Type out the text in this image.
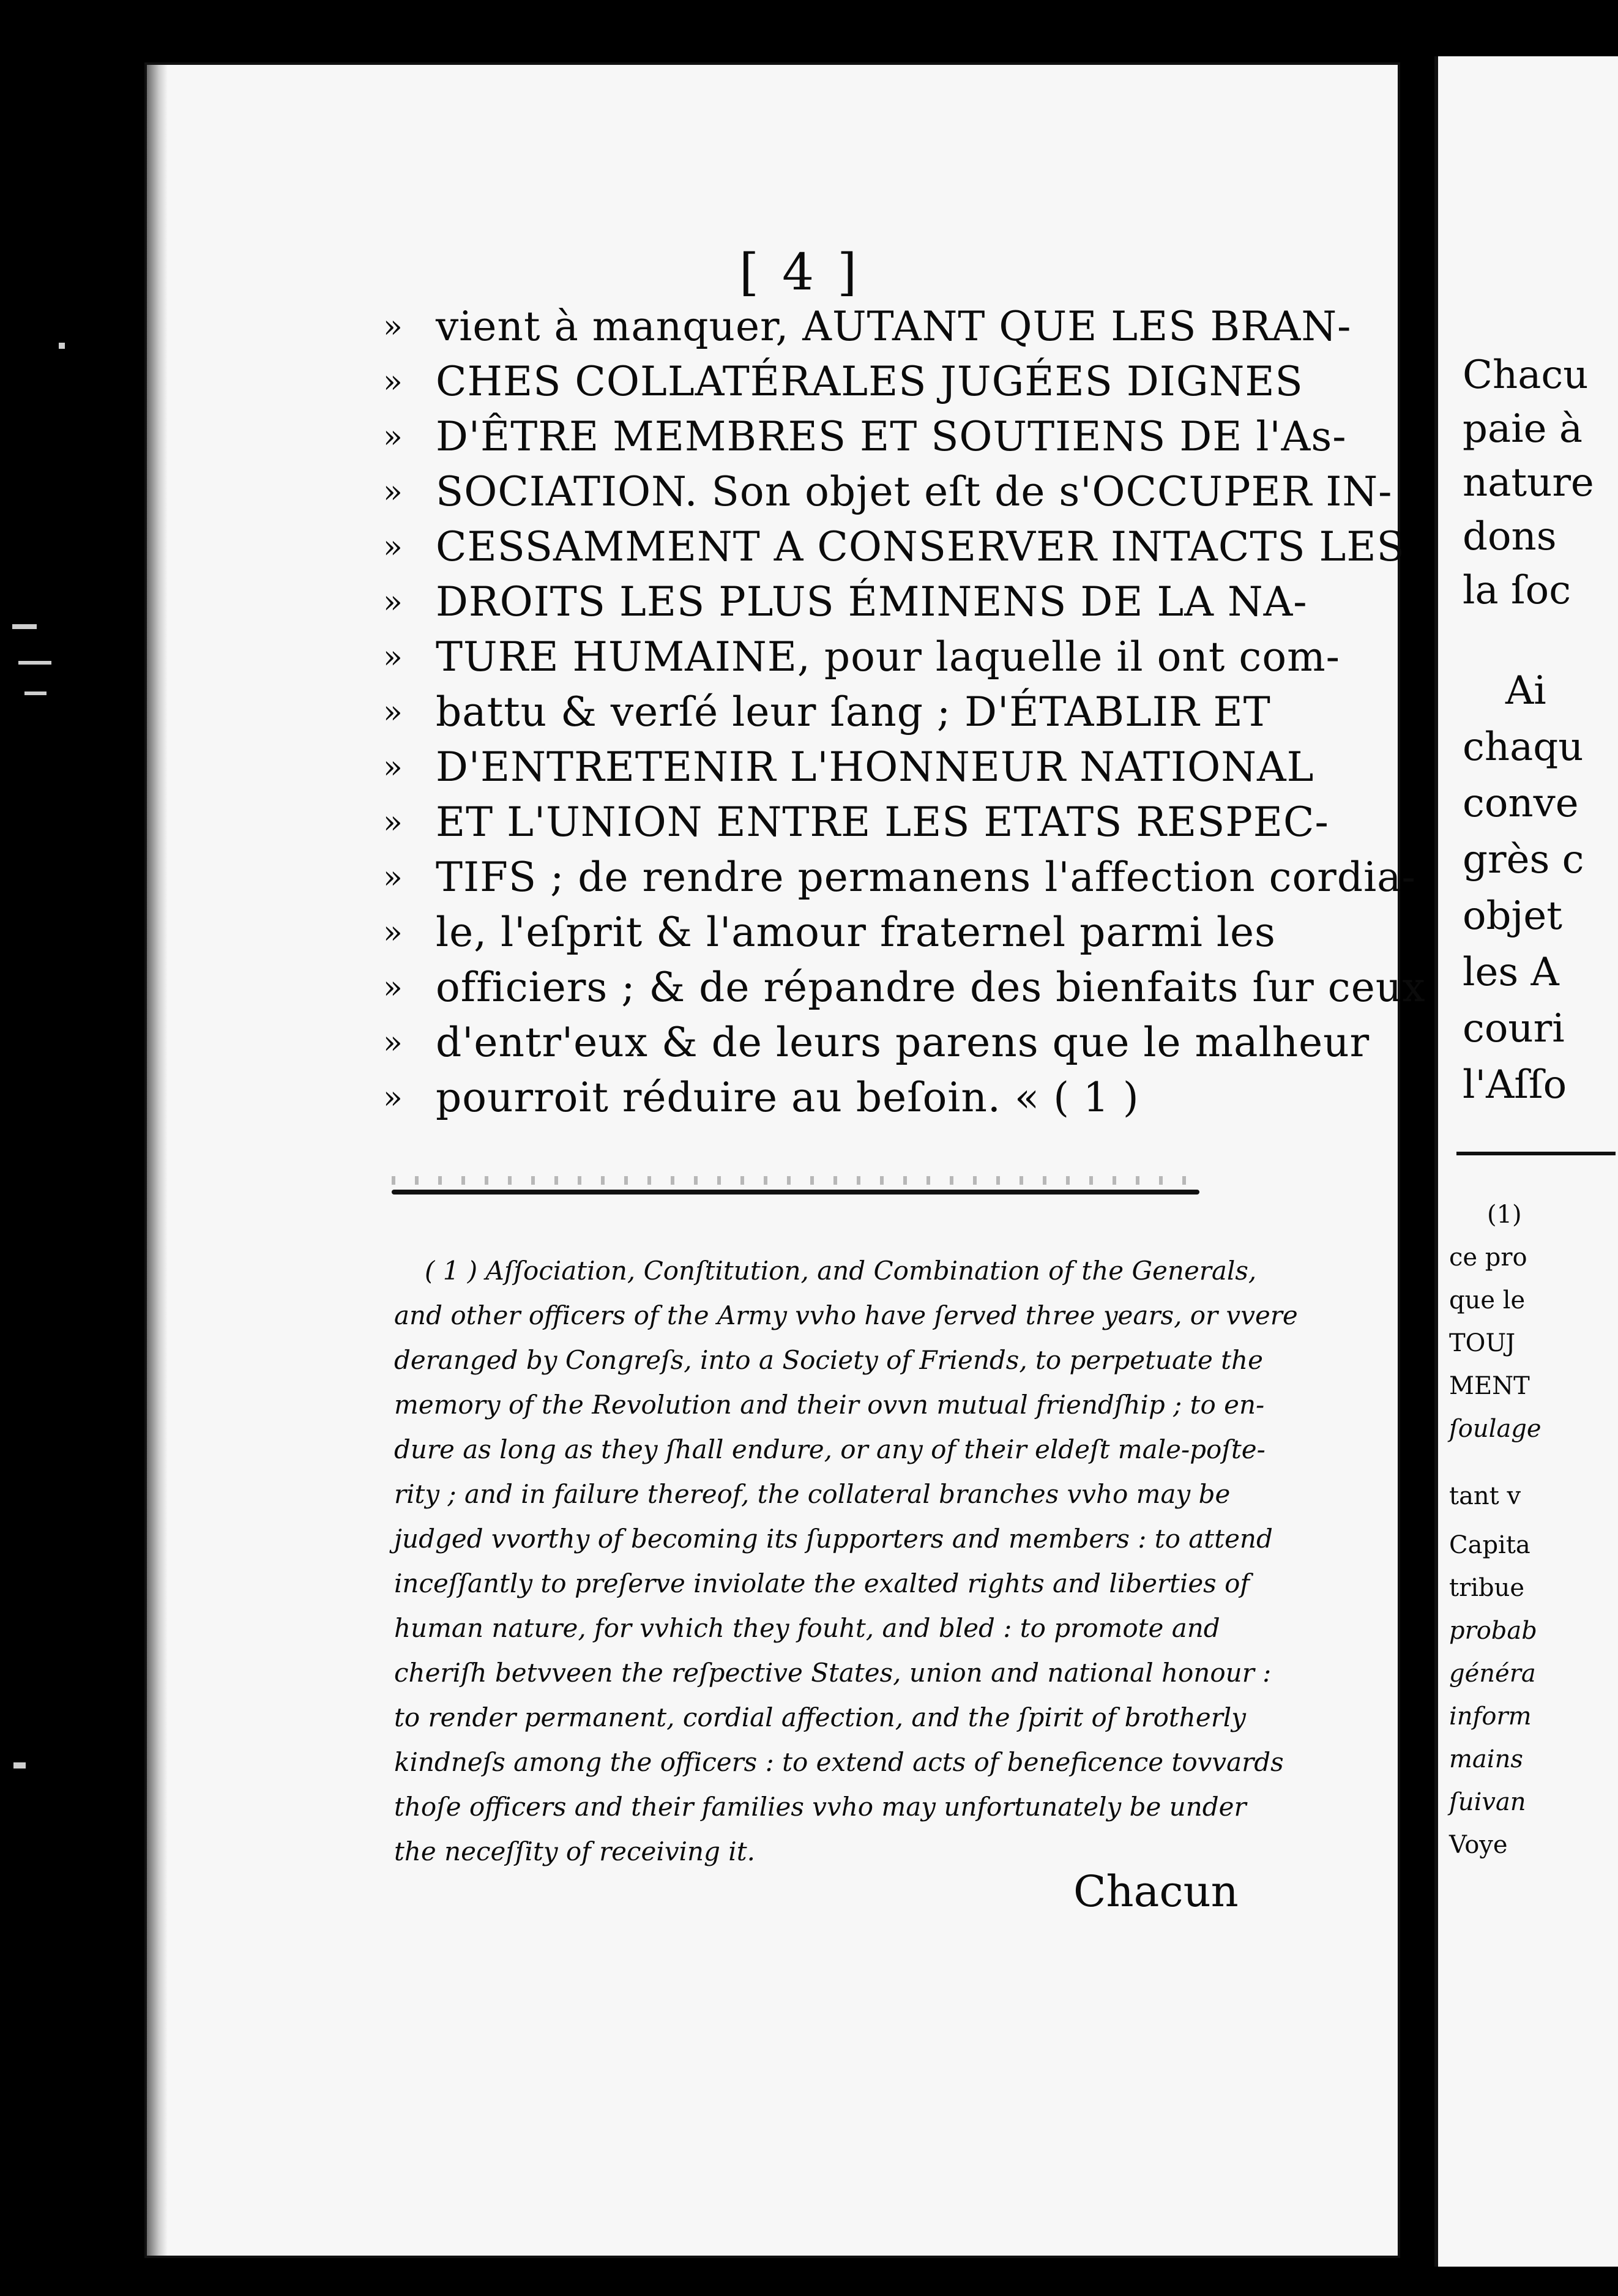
[ 4 ]
» vient à manquer, AUTANT QUE LES BRAN-
» CHES COLLATÉRALES JUGÉES DIGNES
» D'ÊTRE MEMBRES ET SOUTIENS DE l'As-
» SOCIATION. Son objet eſt de s'OCCUPER IN-
» CESSAMMENT A CONSERVER INTACTS LES
» DROITS LES PLUS ÉMINENS DE LA NA-
» TURE HUMAINE, pour laquelle il ont com-
» battu & verſé leur ſang ; D'ÉTABLIR ET
» D'ENTRETENIR L'HONNEUR NATIONAL
» ET L'UNION ENTRE LES ETATS RESPEC-
» TIFS ; de rendre permanens l'affection cordia-
» le, l'eſprit & l'amour fraternel parmi les
» officiers ; & de répandre des bienfaits ſur ceux
» d'entr'eux & de leurs parens que le malheur
» pourroit réduire au beſoin. « ( 1 )
( 1 ) Aſſociation, Conſtitution, and Combination of the Generals,
and other officers of the Army vvho have ſerved three years, or vvere
deranged by Congreſs, into a Society of Friends, to perpetuate the
memory of the Revolution and their ovvn mutual friendſhip ; to en-
dure as long as they ſhall endure, or any of their eldeſt male-poſte-
rity ; and in failure thereof, the collateral branches vvho may be
judged vvorthy of becoming its ſupporters and members : to attend
inceſſantly to preſerve inviolate the exalted rights and liberties of
human nature, for vvhich they fouht, and bled : to promote and
cheriſh betvveen the reſpective States, union and national honour :
to render permanent, cordial affection, and the ſpirit of brotherly
kindneſs among the officers : to extend acts of beneficence tovvards
thoſe officers and their families vvho may unfortunately be under
the neceſſity of receiving it.
Chacun
Chacu
paie à
nature
dons
la ſoc
Ai
chaqu
conve
grès c
objet
les A
couri
l'Aſſo
(1)
ce pro
que le
TOUJ
MENT
ſoulage
tant v
Capita
tribue
probab
généra
inform
mains
ſuivan
Voye
